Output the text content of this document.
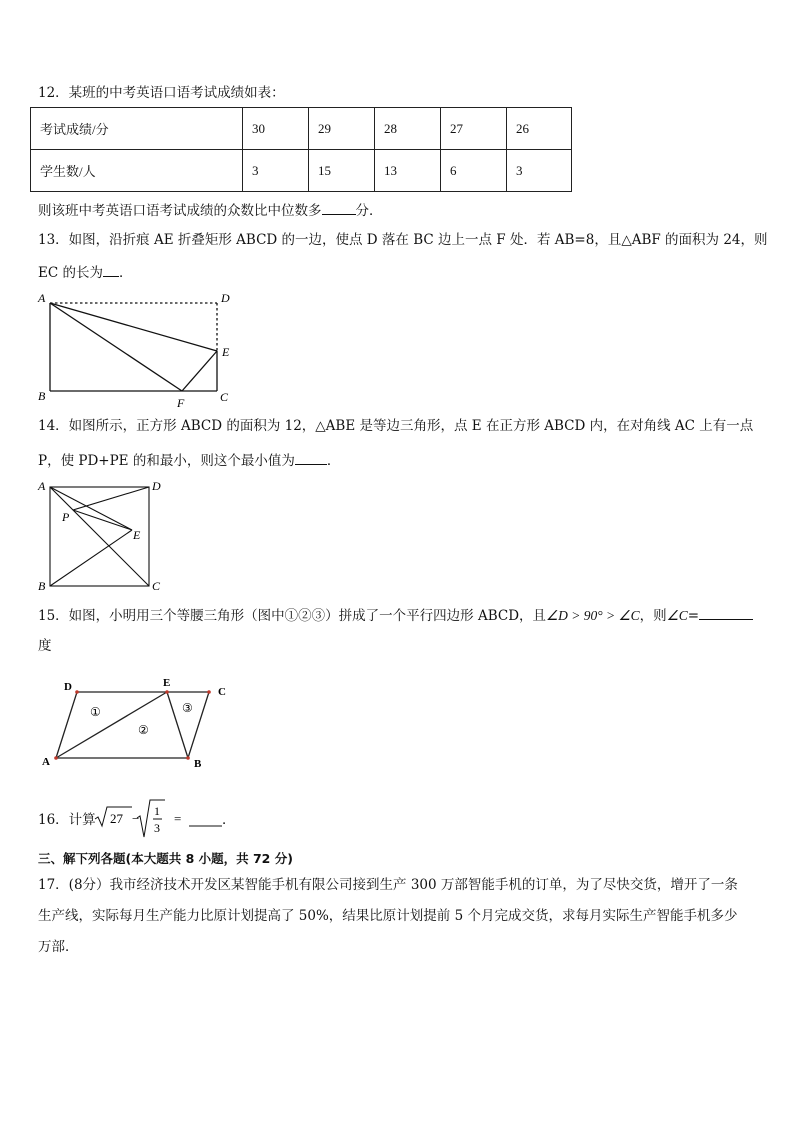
12．某班的中考英语口语考试成绩如表：
考试成绩/分	30	29	28	27	26
学生数/人	3	15	13	6	3
则该班中考英语口语考试成绩的众数比中位数多	分．
13．如图，沿折痕 AE 折叠矩形 ABCD 的一边，使点 D 落在 BC 边上一点 F 处．若 AB=8，且△ABF 的面积为 24，则
EC 的长为 ．
A	D
E
B	F	C
14．如图所示，正方形 ABCD 的面积为 12，△ABE 是等边三角形，点 E 在正方形 ABCD 内，在对角线 AC 上有一点
P，使 PD+PE 的和最小，则这个最小值为 ．
A	D
P
E
B	C
15．如图，小明用三个等腰三角形（图中①②③）拼成了一个平行四边形 ABCD，且∠D > 90° > ∠C，则∠C=
度
D	E
C
A	B
①
②
③
16．计算 27 − 1
3
=	．
三、解下列各题(本大题共 8 小题，共 72 分)
17．(8分）我市经济技术开发区某智能手机有限公司接到生产 300 万部智能手机的订单，为了尽快交货，增开了一条
生产线，实际每月生产能力比原计划提高了 50%，结果比原计划提前 5 个月完成交货，求每月实际生产智能手机多少
万部．
